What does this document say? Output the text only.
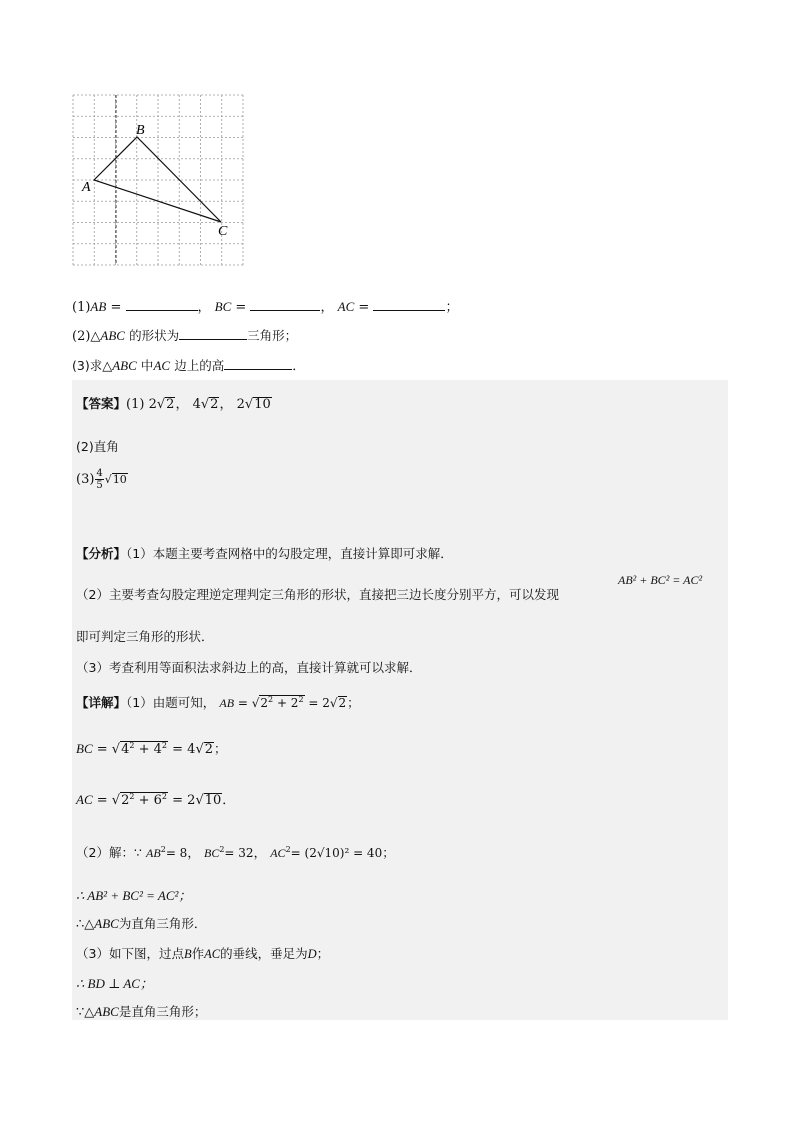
A
B
C
(1)AB =	， BC =	， AC =	；
(2)△ABC 的形状为	三角形；
(3)求△ABC 中AC 边上的高	．
【答案】(1) 2√2， 4√2， 2√10
(2)直角
$(3) \frac{4}{5} √10$
【分析】（1）本题主要考查网格中的勾股定理，直接计算即可求解．
（2）主要考查勾股定理逆定理判定三角形的形状，直接把三边长度分别平方，可以发现
AB² + BC² = AC²
即可判定三角形的形状．
（3）考查利用等面积法求斜边上的高，直接计算就可以求解．
【详解】（1）由题可知， AB = $√2^2 + 2^2 = 2√2$；
BC = $√4^2 + 4^2 = 4√2$；
AC = $√2^2 + 6^2 = 2√10$．
（2）解：∵ $AB^2= 8$， $BC^2= 32$， $AC^2= (2√10)^2 = 40$；
∴ AB² + BC² = AC²；
∴△ABC为直角三角形．
（3）如下图，过点B作AC的垂线，垂足为D；
∴ BD ⊥ AC；
∵△ABC是直角三角形；
